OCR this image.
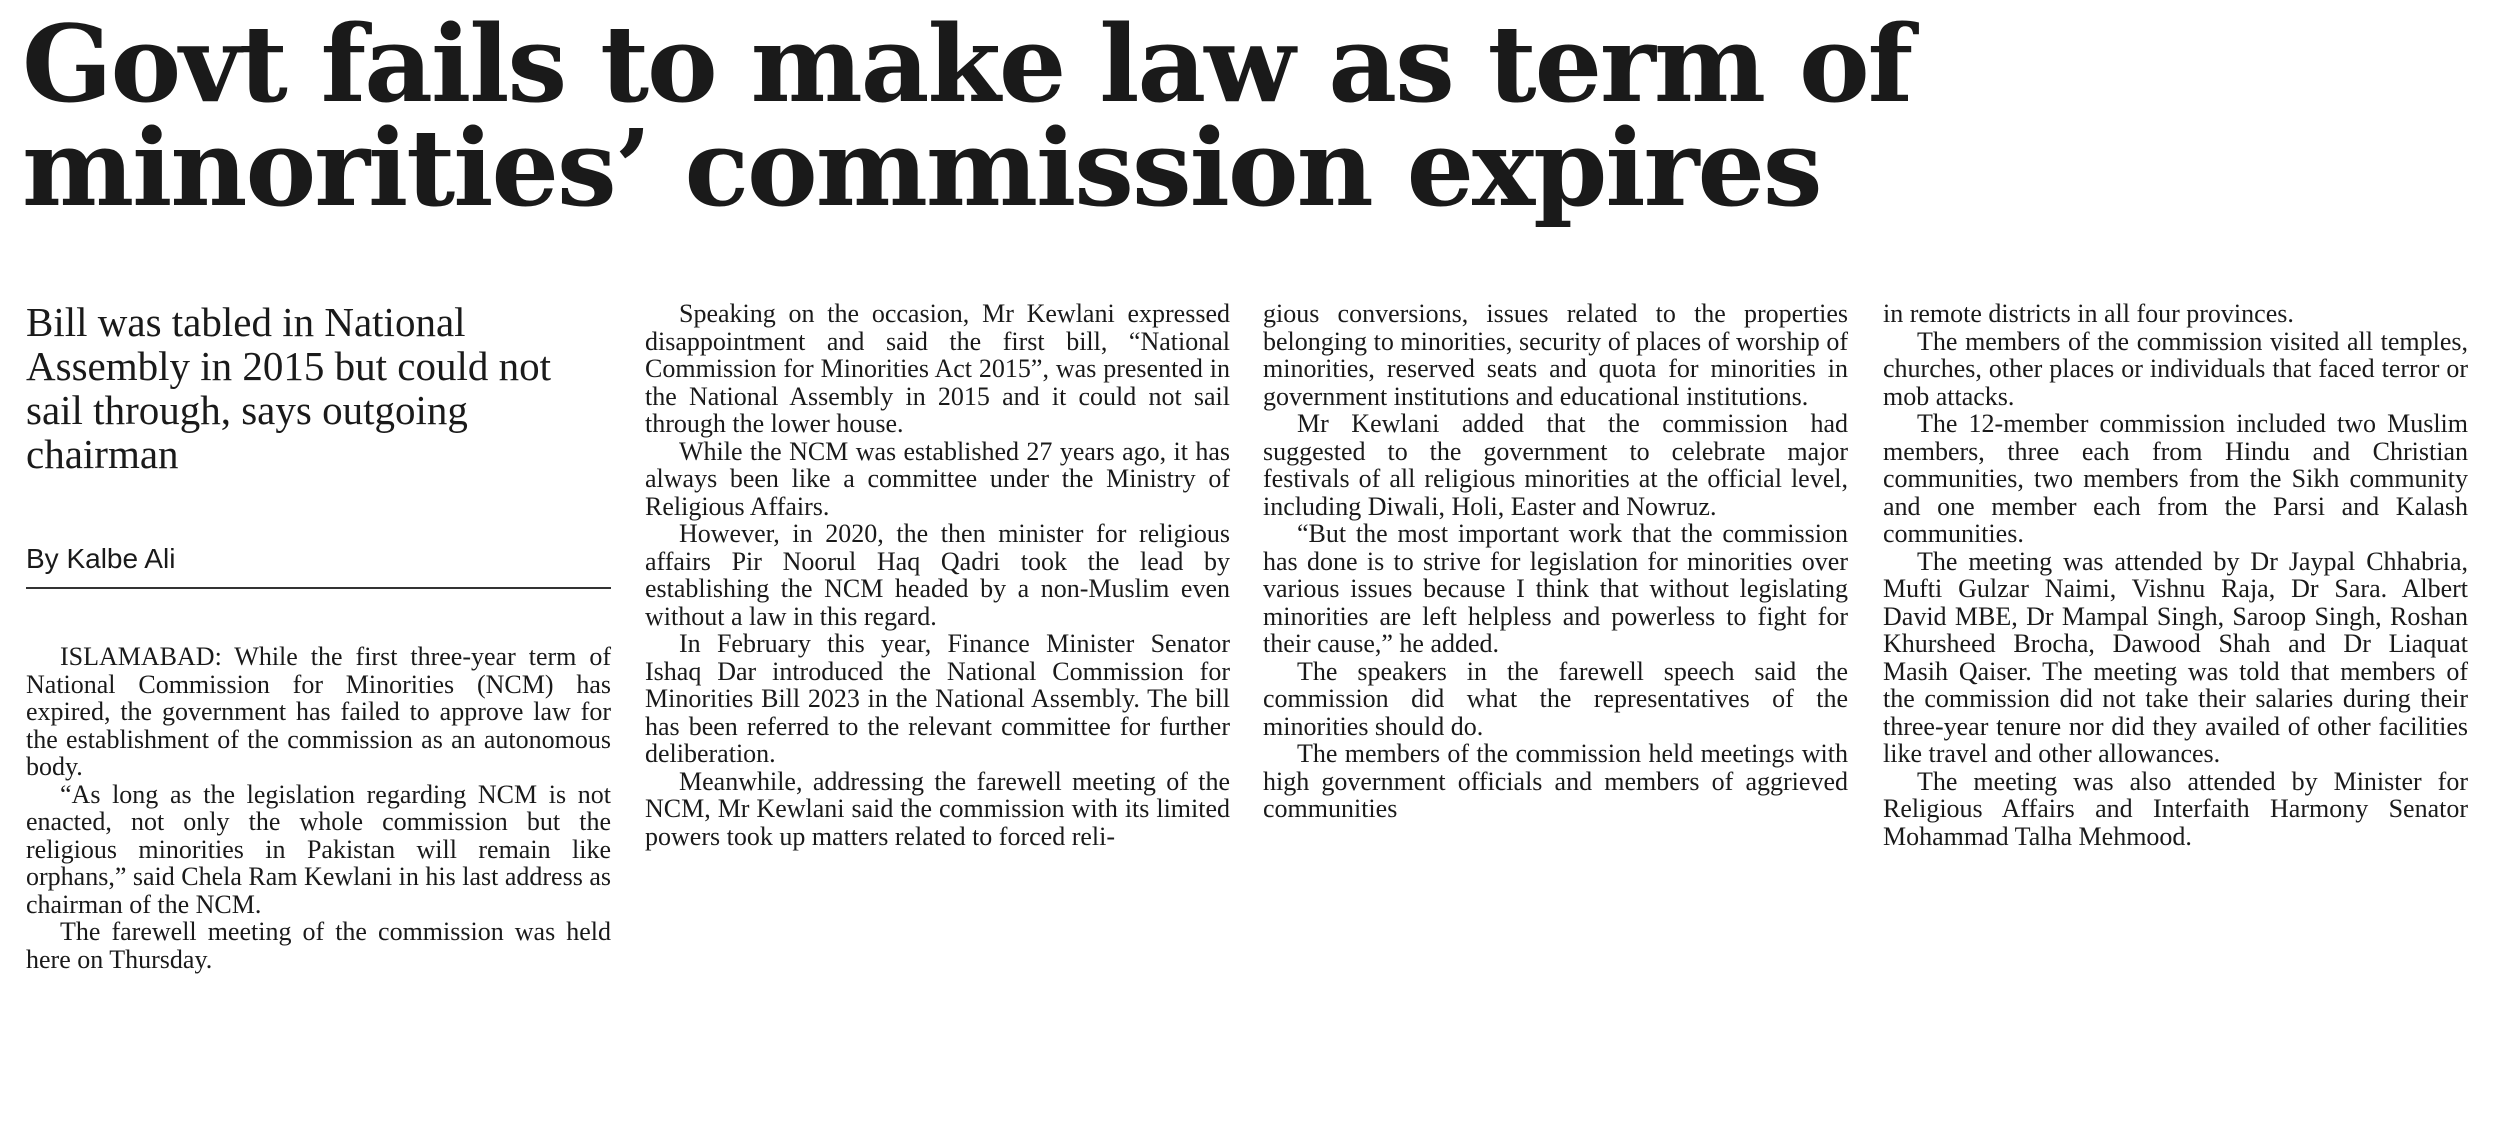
Govt fails to make law as term of
minorities’ commission expires

Bill was tabled in National Assembly in 2015 but could not sail through, says outgoing chairman

By Kalbe Ali

ISLAMABAD: While the first three-year term of National Commission for Minorities (NCM) has expired, the government has failed to approve law for the establishment of the commission as an autonomous body.

“As long as the legislation regarding NCM is not enacted, not only the whole commission but the religious minorities in Pakistan will remain like orphans,” said Chela Ram Kewlani in his last address as chairman of the NCM.

The farewell meeting of the commission was held here on Thursday.

Speaking on the occasion, Mr Kewlani expressed disappointment and said the first bill, “National Commission for Minorities Act 2015”, was presented in the National Assembly in 2015 and it could not sail through the lower house.

While the NCM was established 27 years ago, it has always been like a committee under the Ministry of Religious Affairs.

However, in 2020, the then minister for religious affairs Pir Noorul Haq Qadri took the lead by establishing the NCM headed by a non-Muslim even without a law in this regard.

In February this year, Finance Minister Senator Ishaq Dar introduced the National Commission for Minorities Bill 2023 in the National Assembly. The bill has been referred to the relevant committee for further deliberation.

Meanwhile, addressing the farewell meeting of the NCM, Mr Kewlani said the commission with its limited powers took up matters related to forced reli-

gious conversions, issues related to the properties belonging to minorities, security of places of worship of minorities, reserved seats and quota for minorities in government institutions and educational institutions.

Mr Kewlani added that the commission had suggested to the government to celebrate major festivals of all religious minorities at the official level, including Diwali, Holi, Easter and Nowruz.

“But the most important work that the commission has done is to strive for legislation for minorities over various issues because I think that without legislating minorities are left helpless and powerless to fight for their cause,” he added.

The speakers in the farewell speech said the commission did what the representatives of the minorities should do.

The members of the commission held meetings with high government officials and members of aggrieved communities

in remote districts in all four provinces.

The members of the commission visited all temples, churches, other places or individuals that faced terror or mob attacks.

The 12-member commission included two Muslim members, three each from Hindu and Christian communities, two members from the Sikh community and one member each from the Parsi and Kalash communities.

The meeting was attended by Dr Jaypal Chhabria, Mufti Gulzar Naimi, Vishnu Raja, Dr Sara. Albert David MBE, Dr Mampal Singh, Saroop Singh, Roshan Khursheed Brocha, Dawood Shah and Dr Liaquat Masih Qaiser. The meeting was told that members of the commission did not take their salaries during their three-year tenure nor did they availed of other facilities like travel and other allowances.

The meeting was also attended by Minister for Religious Affairs and Interfaith Harmony Senator Mohammad Talha Mehmood.
